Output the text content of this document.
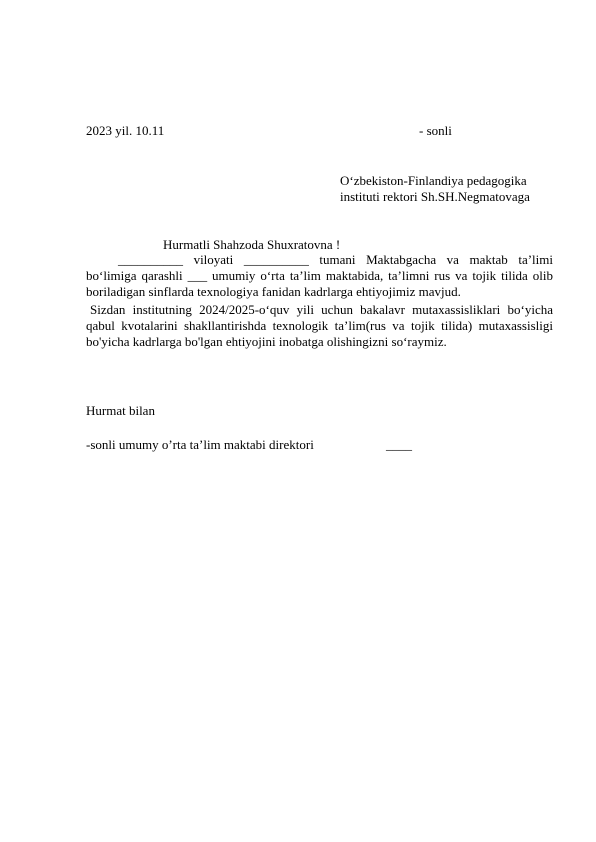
2023 yil. 10.11	- sonli
O‘zbekiston-Finlandiya pedagogika
instituti rektori Sh.SH.Negmatovaga
Hurmatli Shahzoda Shuxratovna !

__________ viloyati __________ tumani Maktabgacha va maktab ta’limi bo‘limiga qarashli ___ umumiy o‘rta ta’lim maktabida, ta’limni rus va tojik tilida olib boriladigan sinflarda texnologiya fanidan kadrlarga ehtiyojimiz mavjud.

Sizdan institutning 2024/2025-o‘quv yili uchun bakalavr mutaxassisliklari bo‘yicha qabul kvotalarini shakllantirishda texnologik ta’lim(rus va tojik tilida) mutaxassisligi bo'yicha kadrlarga bo'lgan ehtiyojini inobatga olishingizni so‘raymiz.

Hurmat bilan
-sonli umumy o’rta ta’lim maktabi direktori	____
